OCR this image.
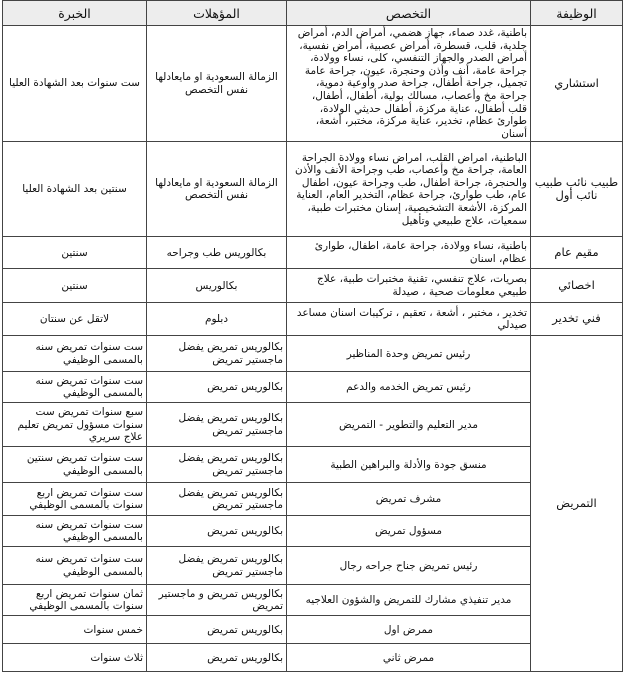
الوظيفة	التخصص	المؤهلات	الخبرة
استشاري	باطنية، غدد صماء، جهاز هضمي، أمراض الدم، أمراض جلدية، قلب، قسطرة، أمراض عصبية، أمراض نفسية، أمراض الصدر والجهاز التنفسي، كلى، نساء وولادة، جراحة عامة، أنف وأذن وحنجرة، عيون، جراحة عامة تجميل، جراحة أطفال، جراحة صدر وأوعية دموية، جراحة مخ وأعصاب، مسالك بولية، أطفال، أطفال، قلب أطفال، عناية مركزة، أطفال حديثي الولادة، طوارئ عظام، تخدير، عناية مركزة، مختبر، أشعة، أسنان	الزمالة السعودية او مايعادلها نفس التخصص	ست سنوات بعد الشهادة العليا
طبيب نائب طبيب نائب أول	الباطنية، امراض القلب، امراض نساء وولادة الجراحة العامة، جراحة مخ وأعصاب، طب وجراحة الأنف والأذن والحنجرة، جراحة اطفال، طب وجراحة عيون، اطفال عام، طب طوارئ، جراحة عظام، التخدير العام، العناية المركزة، الأشعة التشخيصية، إسنان مختبرات طبية، سمعيات، علاج طبيعي وتأهيل	الزمالة السعودية او مايعادلها نفس التخصص	سنتين بعد الشهادة العليا
مقيم عام	باطنية، نساء وولادة، جراحة عامة، اطفال، طوارئ عظام، اسنان	بكالوريس طب وجراحه	سنتين
اخصائي	بصريات، علاج تنفسي، تقنية مختبرات طبية، علاج طبيعي معلومات صحية ، صيدلة	بكالوريس	سنتين
فني تخدير	تخدير ، مختبر ، أشعة ، تعقيم ، تركيبات اسنان مساعد صيدلي	دبلوم	لاتقل عن سنتان
التمريض	رئيس تمريض وحدة المناظير	بكالوريس تمريض يفضل ماجستير تمريض	ست سنوات تمريض سنه بالمسمى الوظيفي
	رئيس تمريض الخدمه والدعم	بكالوريس تمريض	ست سنوات تمريض سنه بالمسمى الوظيفي
	مدير التعليم والتطوير - التمريض	بكالوريس تمريض يفضل ماجستير تمريض	سبع سنوات تمريض ست سنوات مسؤول تمريض تعليم علاج سريري
	منسق جودة والأدلة والبراهين الطبية	بكالوريس تمريض يفضل ماجستير تمريض	ست سنوات تمريض سنتين بالمسمى الوظيفي
	مشرف تمريض	بكالوريس تمريض يفضل ماجستير تمريض	ست سنوات تمريض اربع سنوات بالمسمى الوظيفي
	مسؤول تمريض	بكالوريس تمريض	ست سنوات تمريض سنه بالمسمى الوظيفي
	رئيس تمريض جناح جراحه رجال	بكالوريس تمريض يفضل ماجستير تمريض	ست سنوات تمريض سنه بالمسمى الوظيفي
	مدير تنفيذي مشارك للتمريض والشؤون العلاجيه	بكالوريس تمريض و ماجستير تمريض	ثمان سنوات تمريض اربع سنوات بالمسمى الوظيفي
	ممرض اول	بكالوريس تمريض	خمس سنوات
	ممرض ثاني	بكالوريس تمريض	ثلاث سنوات
